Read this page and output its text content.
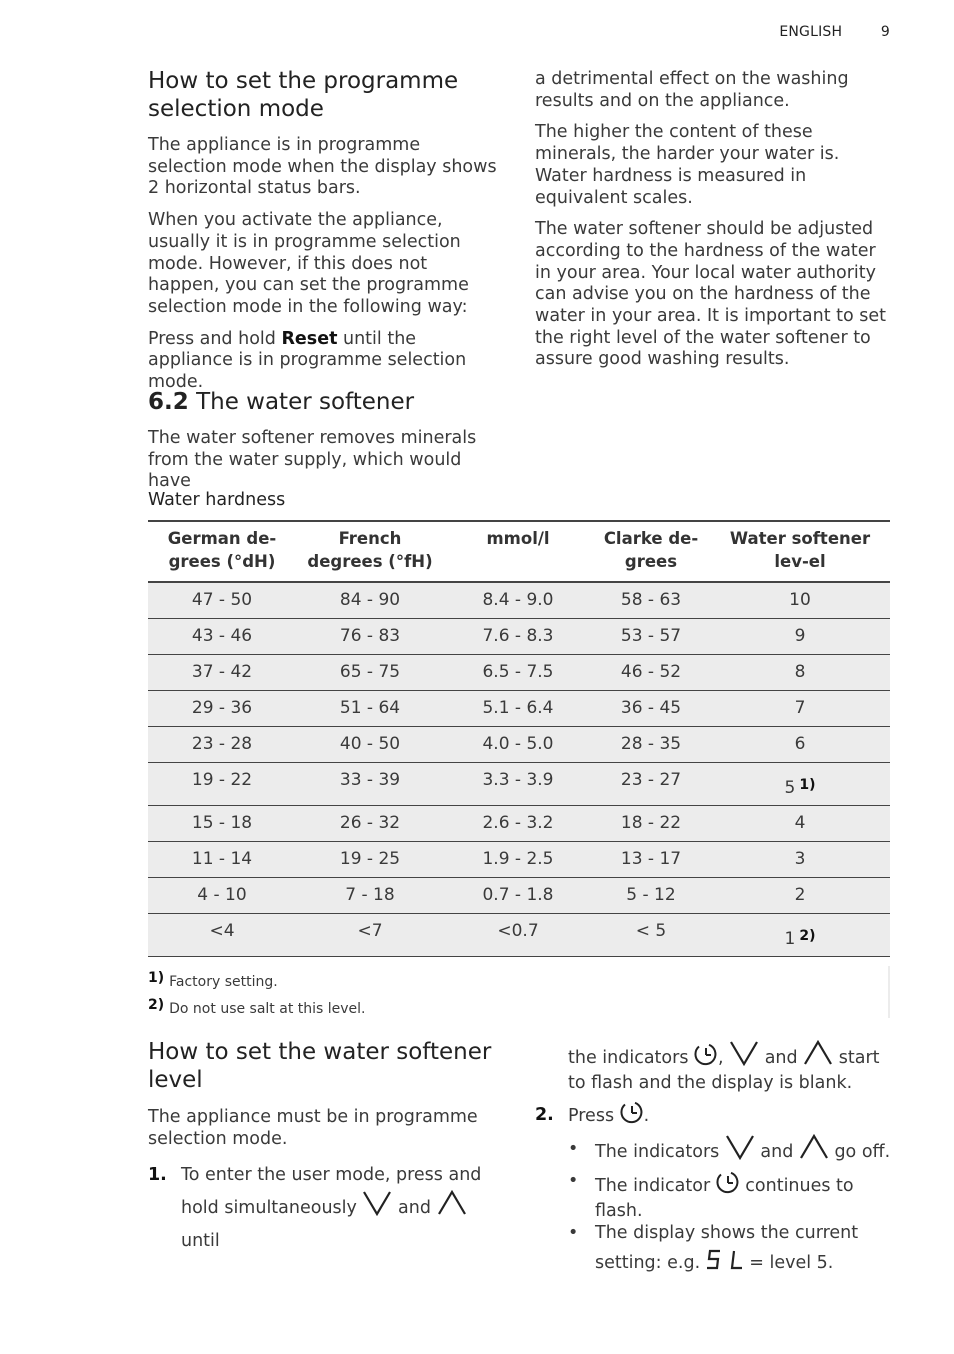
ENGLISH	9
How to set the programme selection mode

The appliance is in programme selection mode when the display shows 2 horizontal status bars.

When you activate the appliance, usually it is in programme selection mode. However, if this does not happen, you can set the programme selection mode in the following way:

Press and hold Reset until the appliance is in programme selection mode.

6.2 The water softener

The water softener removes minerals from the water supply, which would have

a detrimental effect on the washing results and on the appliance.

The higher the content of these minerals, the harder your water is. Water hardness is measured in equivalent scales.

The water softener should be adjusted according to the hardness of the water in your area. Your local water authority can advise you on the hardness of the water in your area. It is important to set the right level of the water softener to assure good washing results.

Water hardness
German de-grees (°dH)	French degrees (°fH)	mmol/l	Clarke de-grees	Water softener lev-el
47 - 50	84 - 90	8.4 - 9.0	58 - 63	10
43 - 46	76 - 83	7.6 - 8.3	53 - 57	9
37 - 42	65 - 75	6.5 - 7.5	46 - 52	8
29 - 36	51 - 64	5.1 - 6.4	36 - 45	7
23 - 28	40 - 50	4.0 - 5.0	28 - 35	6
19 - 22	33 - 39	3.3 - 3.9	23 - 27	5 $^{1)}$
15 - 18	26 - 32	2.6 - 3.2	18 - 22	4
11 - 14	19 - 25	1.9 - 2.5	13 - 17	3
4 - 10	7 - 18	0.7 - 1.8	5 - 12	2
<4	<7	<0.7	< 5	1 $^{2)}$
1) Factory setting.
2) Do not use salt at this level.
How to set the water softener level

The appliance must be in programme selection mode.

1. To enter the user mode, press and hold simultaneously  and  until
the indicators ,  and  start to flash and the display is blank.
2. Press .
• The indicators  and  go off.
• The indicator  continues to flash.
• The display shows the current setting: e.g.  = level 5.
